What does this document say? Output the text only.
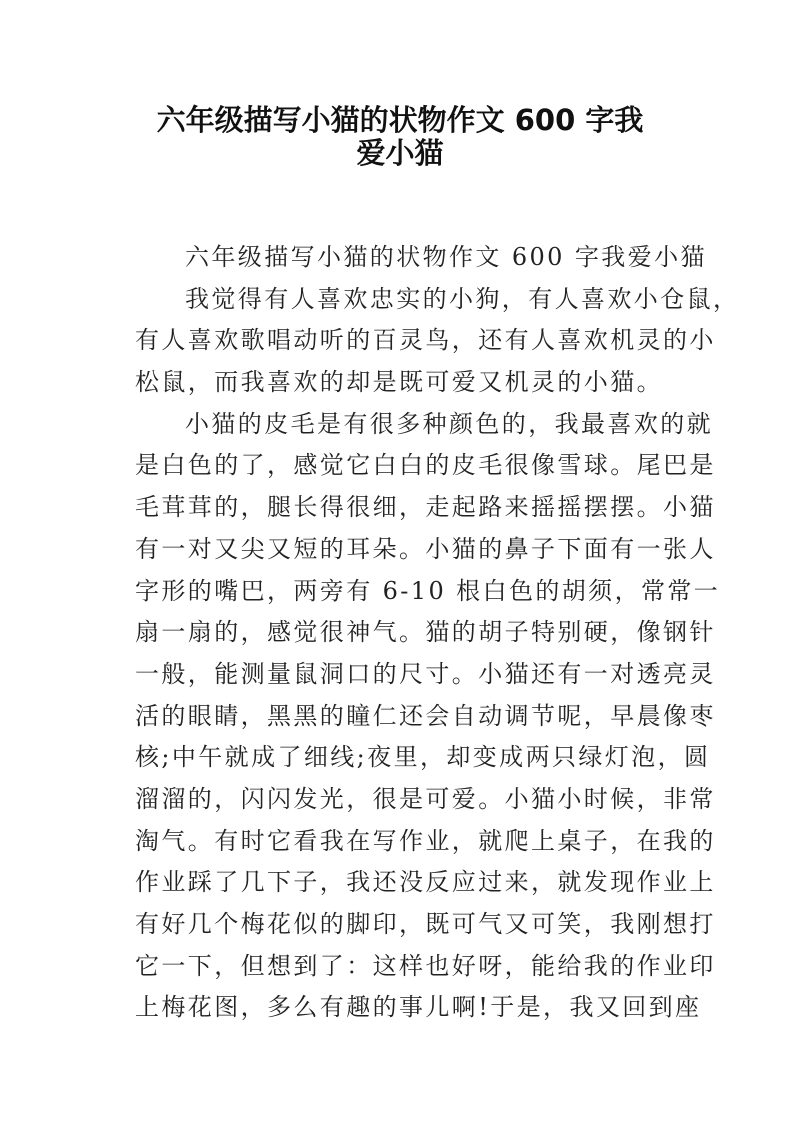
六年级描写小猫的状物作文 600 字我
爱小猫
六年级描写小猫的状物作文 600 字我爱小猫
我觉得有人喜欢忠实的小狗，有人喜欢小仓鼠，
有人喜欢歌唱动听的百灵鸟，还有人喜欢机灵的小
松鼠，而我喜欢的却是既可爱又机灵的小猫。
小猫的皮毛是有很多种颜色的，我最喜欢的就
是白色的了，感觉它白白的皮毛很像雪球。尾巴是
毛茸茸的，腿长得很细，走起路来摇摇摆摆。小猫
有一对又尖又短的耳朵。小猫的鼻子下面有一张人
字形的嘴巴，两旁有 6-10 根白色的胡须，常常一
扇一扇的，感觉很神气。猫的胡子特别硬，像钢针
一般，能测量鼠洞口的尺寸。小猫还有一对透亮灵
活的眼睛，黑黑的瞳仁还会自动调节呢，早晨像枣
核;中午就成了细线;夜里，却变成两只绿灯泡，圆
溜溜的，闪闪发光，很是可爱。小猫小时候，非常
淘气。有时它看我在写作业，就爬上桌子，在我的
作业踩了几下子，我还没反应过来，就发现作业上
有好几个梅花似的脚印，既可气又可笑，我刚想打
它一下，但想到了：这样也好呀，能给我的作业印
上梅花图，多么有趣的事儿啊!于是，我又回到座
